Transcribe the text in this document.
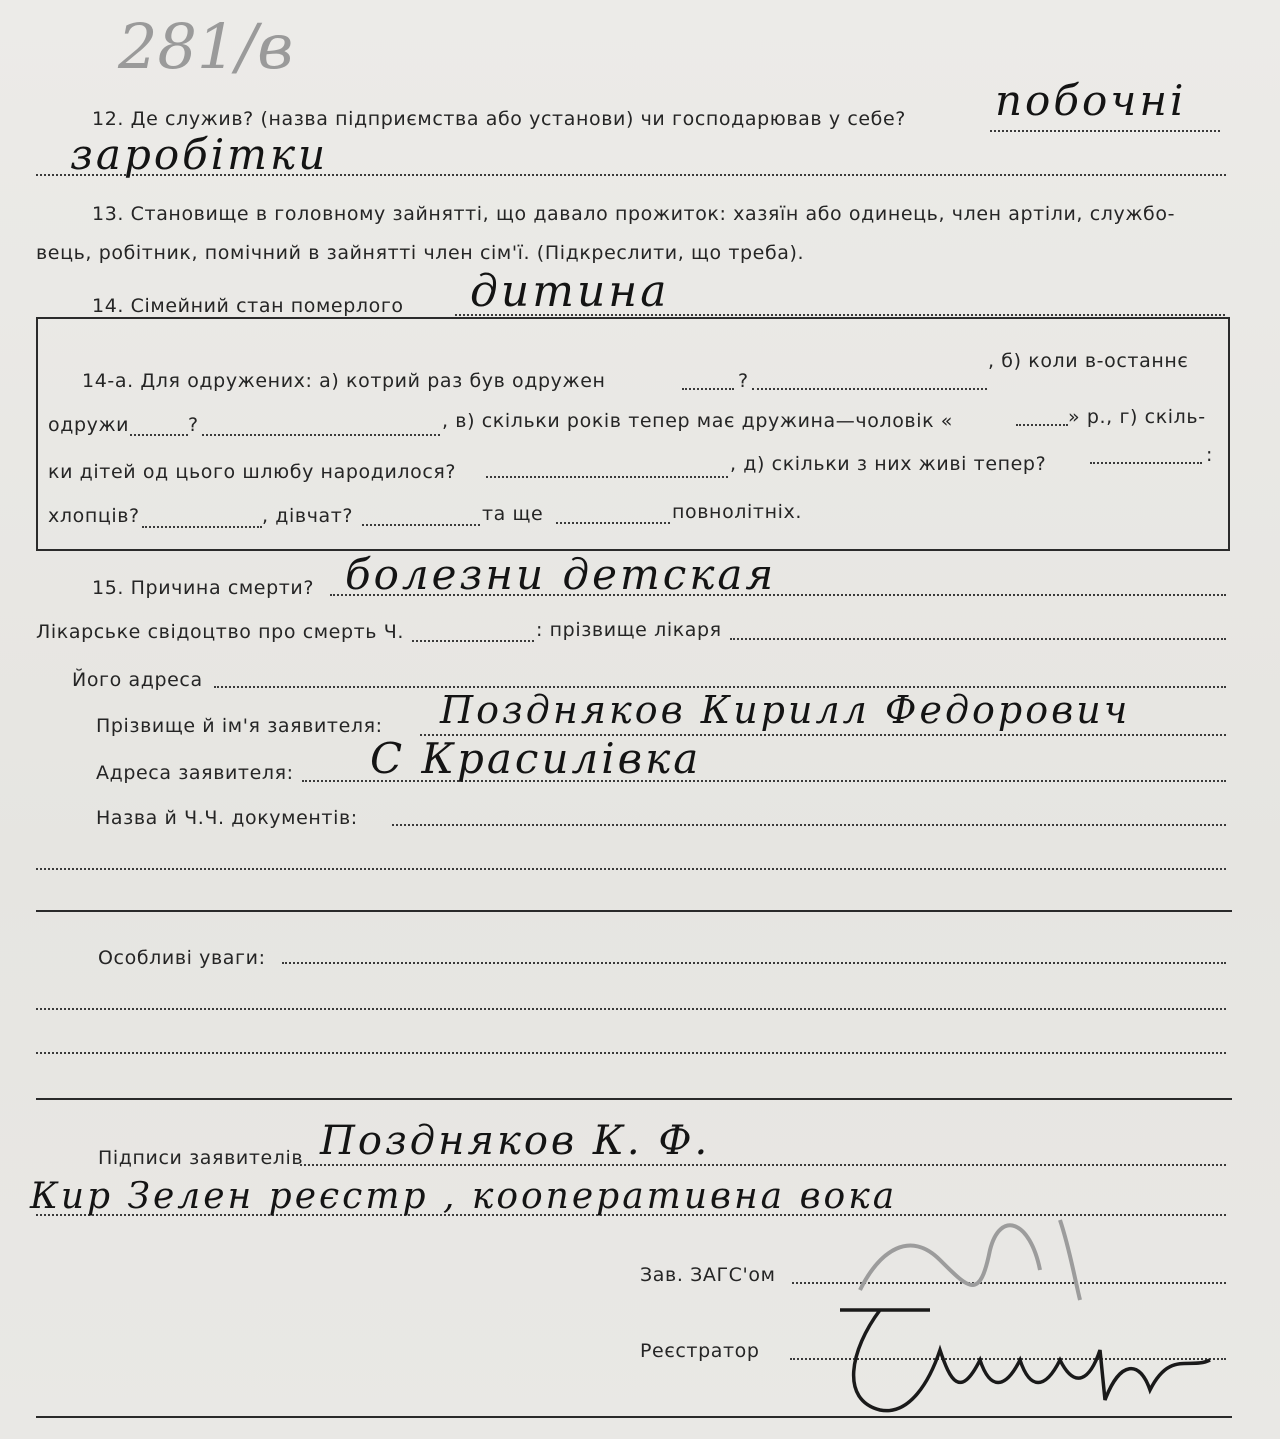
281/в
12. Де служив? (назва підприємства або установи) чи господарював у себе? побочні
заробітки
13. Становище в головному зайнятті, що давало прожиток: хазяїн або одинець, член артіли, службо-
вець, робітник, помічний в зайнятті член сім'ї. (Підкреслити, що треба).
14. Сімейний стан померлого дитина
14-а. Для одружених: а) котрий раз був одружен	?
, б) коли в-останнє
одружи	?	, в) скільки років тепер має дружина—чоловік «	» р., г) скіль-
ки дітей од цього шлюбу народилося?	, д) скільки з них живі тепер?	:
хлопців?	, дівчат?	та ще	повнолітніх.
15. Причина смерти? болезни детская
Лікарське свідоцтво про смерть Ч.	: прізвище лікаря
Його адреса
Прізвище й ім'я заявителя: Поздняков Кирилл Федорович
Адреса заявителя: С Красилівка
Назва й Ч.Ч. документів:
Особливі уваги:
Підписи заявителів Поздняков К. Ф.
Кир Зелен реєстр , кооперативна вока
Зав. ЗАГС'ом
Реєстратор
